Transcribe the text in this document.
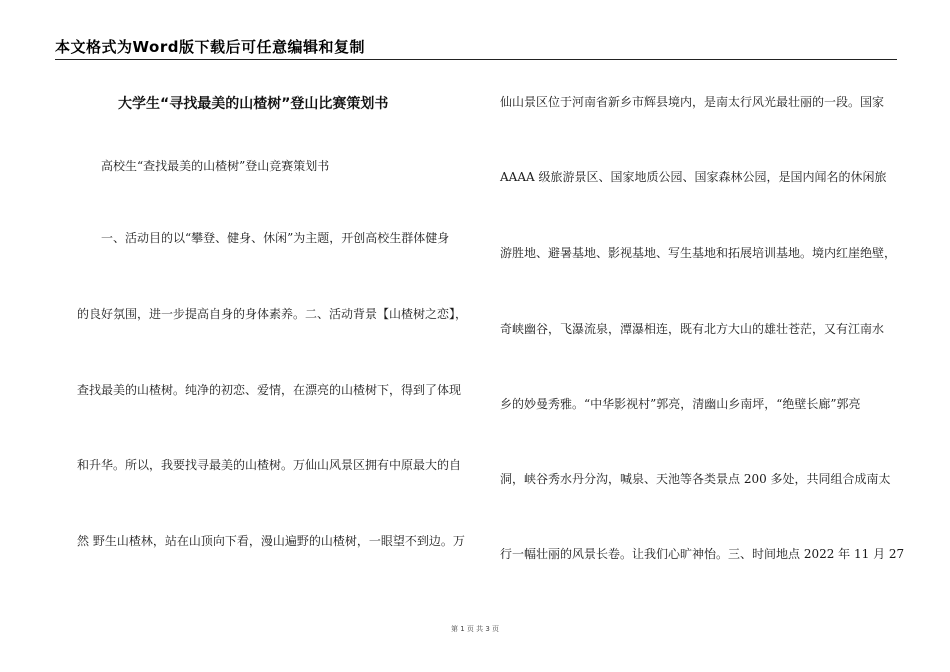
本文格式为Word版下载后可任意编辑和复制
大学生“寻找最美的山楂树”登山比赛策划书
高校生“查找最美的山楂树”登山竞赛策划书
一、活动目的以“攀登、健身、休闲”为主题，开创高校生群体健身
的良好氛围，进一步提高自身的身体素养。二、活动背景【山楂树之恋】，
查找最美的山楂树。纯净的初恋、爱情，在漂亮的山楂树下，得到了体现
和升华。所以，我要找寻最美的山楂树。万仙山风景区拥有中原最大的自
然 野生山楂林，站在山顶向下看，漫山遍野的山楂树，一眼望不到边。万
仙山景区位于河南省新乡市辉县境内，是南太行风光最壮丽的一段。国家
AAAA 级旅游景区、国家地质公园、国家森林公园，是国内闻名的休闲旅
游胜地、避暑基地、影视基地、写生基地和拓展培训基地。境内红崖绝壁，
奇峡幽谷，飞瀑流泉，潭瀑相连，既有北方大山的雄壮苍茫，又有江南水
乡的妙曼秀雅。“中华影视村”郭亮，清幽山乡南坪，“绝壁长廊”郭亮
洞，峡谷秀水丹分沟，喊泉、天池等各类景点 200 多处，共同组合成南太
行一幅壮丽的风景长卷。让我们心旷神怡。三、时间地点 2022 年 11 月 27
第 1 页 共 3 页
